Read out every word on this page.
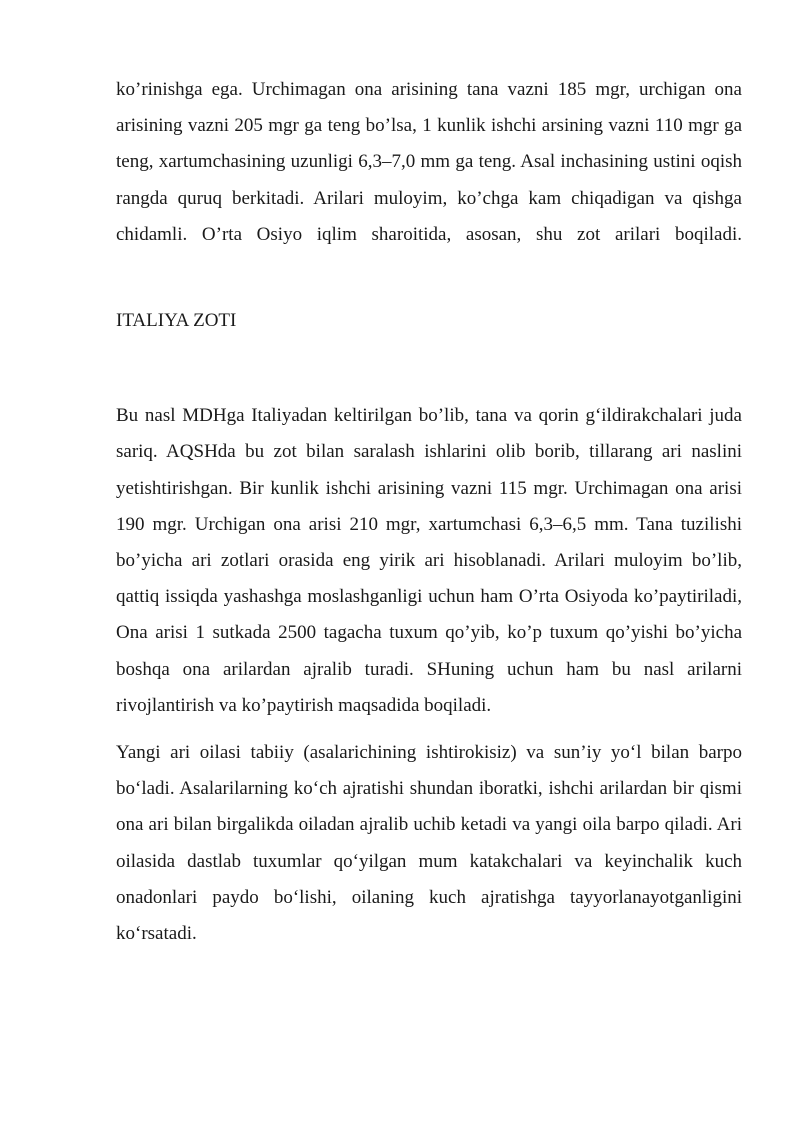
ko’rinishga ega. Urchimagan ona arisining tana vazni 185 mgr, urchigan ona arisining vazni 205 mgr ga teng bo’lsa, 1 kunlik ishchi arsining vazni 110 mgr ga teng, xartumchasining uzunligi 6,3–7,0 mm ga teng. Asal inchasining ustini oqish rangda quruq berkitadi. Arilari muloyim, ko’chga kam chiqadigan va qishga chidamli. O’rta Osiyo iqlim sharoitida, asosan, shu zot arilari boqiladi.

ITALIYA ZOTI

Bu nasl MDHga Italiyadan keltirilgan bo’lib, tana va qorin g‘ildirakchalari juda sariq. AQSHda bu zot bilan saralash ishlarini olib borib, tillarang ari naslini yetishtirishgan. Bir kunlik ishchi arisining vazni 115 mgr. Urchimagan ona arisi 190 mgr. Urchigan ona arisi 210 mgr, xartumchasi 6,3–6,5 mm. Tana tuzilishi bo’yicha ari zotlari orasida eng yirik ari hisoblanadi. Arilari muloyim bo’lib, qattiq issiqda yashashga moslashganligi uchun ham O’rta Osiyoda ko’paytiriladi, Ona arisi 1 sutkada 2500 tagacha tuxum qo’yib, ko’p tuxum qo’yishi bo’yicha boshqa ona arilardan ajralib turadi. SHuning uchun ham bu nasl arilarni rivojlantirish va ko’paytirish maqsadida boqiladi.

Yangi ari oilasi tabiiy (asalarichining ishtirokisiz) va sun’iy yo‘l bilan barpo bo‘ladi. Asalarilarning ko‘ch ajratishi shundan iboratki, ishchi arilardan bir qismi ona ari bilan birgalikda oiladan ajralib uchib ketadi va yangi oila barpo qiladi. Ari oilasida dastlab tuxumlar qo‘yilgan mum katakchalari va keyinchalik kuch onadonlari paydo bo‘lishi, oilaning kuch ajratishga tayyorlanayotganligini ko‘rsatadi.
